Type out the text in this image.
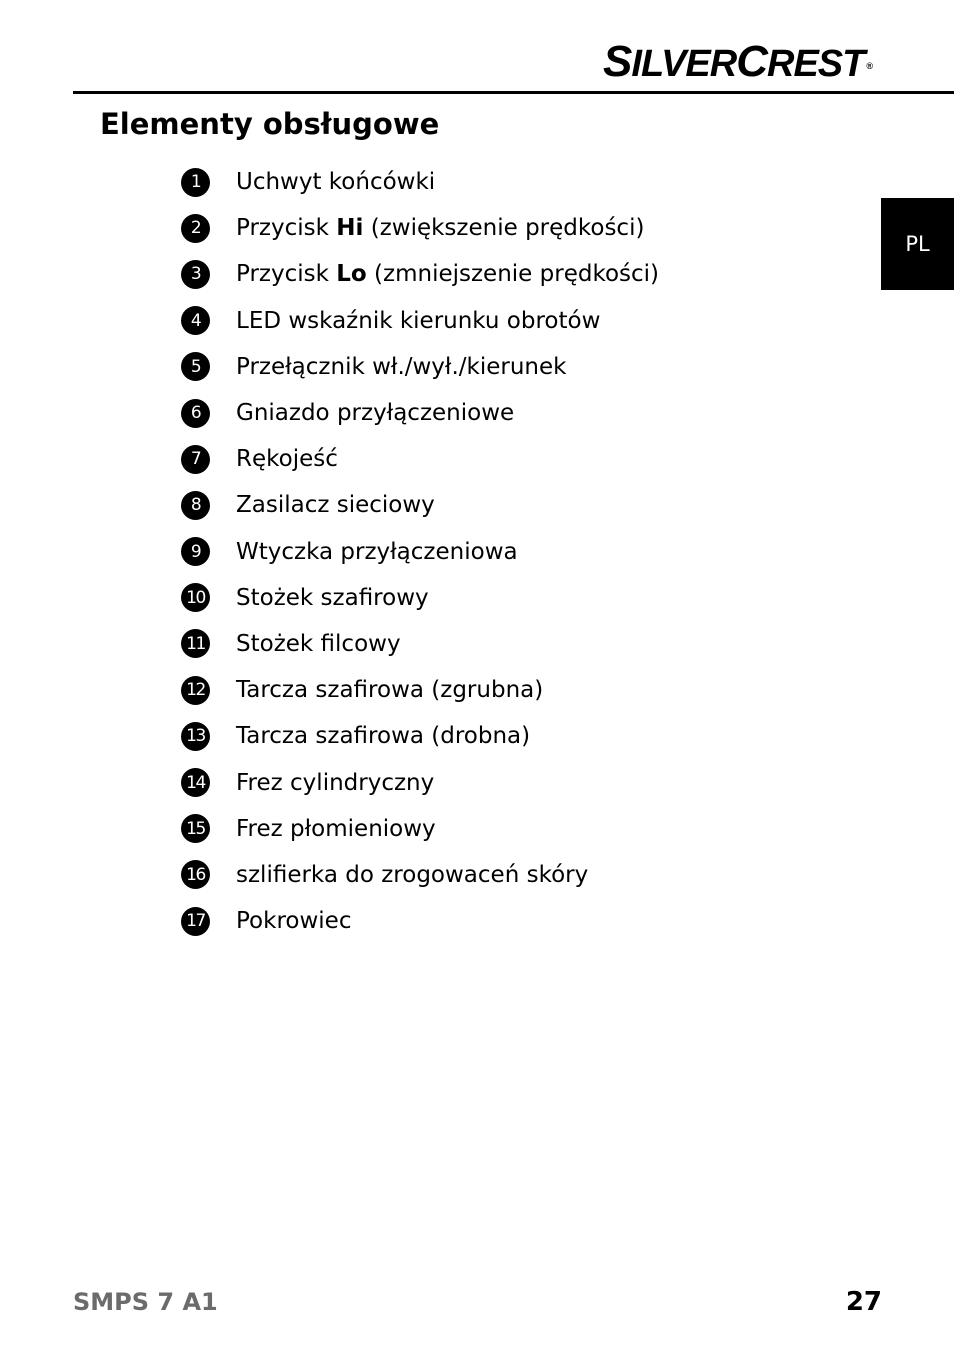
SILVERCREST ®
Elementy obsługowe
PL
1	Uchwyt końcówki
2	Przycisk Hi (zwiększenie prędkości)
3	Przycisk Lo (zmniejszenie prędkości)
4	LED wskaźnik kierunku obrotów
5	Przełącznik wł./wył./kierunek
6	Gniazdo przyłączeniowe
7	Rękojeść
8	Zasilacz sieciowy
9	Wtyczka przyłączeniowa
10 Stożek szafirowy
11 Stożek filcowy
12 Tarcza szafirowa (zgrubna)
13 Tarcza szafirowa (drobna)
14 Frez cylindryczny
15 Frez płomieniowy
16 szlifierka do zrogowaceń skóry
17 Pokrowiec
SMPS 7 A1	27
